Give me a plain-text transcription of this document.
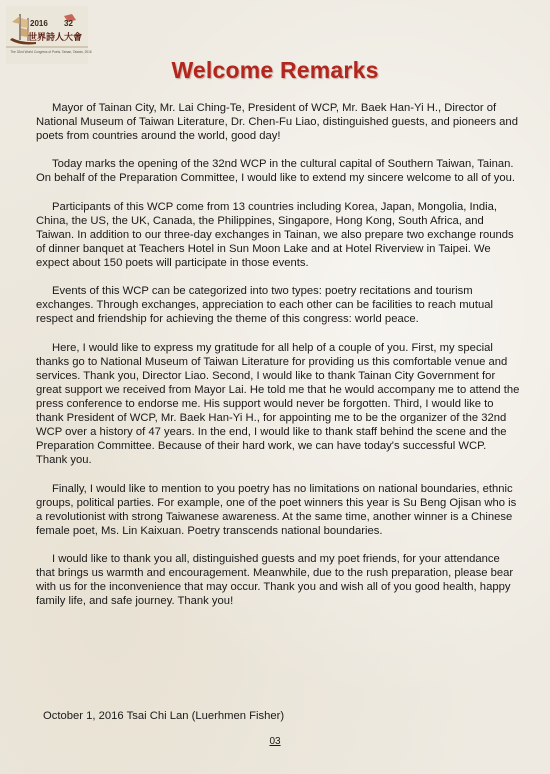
2016 32
世界詩人大會
The 32nd World Congress of Poets, Tainan, Taiwan, 2016
Welcome Remarks

Mayor of Tainan City, Mr. Lai Ching-Te, President of WCP, Mr. Baek Han-Yi H., Director of National Museum of Taiwan Literature, Dr. Chen-Fu Liao, distinguished guests, and pioneers and poets from countries around the world, good day!

Today marks the opening of the 32nd WCP in the cultural capital of Southern Taiwan, Tainan. On behalf of the Preparation Committee, I would like to extend my sincere welcome to all of you.

Participants of this WCP come from 13 countries including Korea, Japan, Mongolia, India, China, the US, the UK, Canada, the Philippines, Singapore, Hong Kong, South Africa, and Taiwan. In addition to our three-day exchanges in Tainan, we also prepare two exchange rounds of dinner banquet at Teachers Hotel in Sun Moon Lake and at Hotel Riverview in Taipei. We expect about 150 poets will participate in those events.

Events of this WCP can be categorized into two types: poetry recitations and tourism exchanges. Through exchanges, appreciation to each other can be facilities to reach mutual respect and friendship for achieving the theme of this congress: world peace.

Here, I would like to express my gratitude for all help of a couple of you. First, my special thanks go to National Museum of Taiwan Literature for providing us this comfortable venue and services. Thank you, Director Liao. Second, I would like to thank Tainan City Government for great support we received from Mayor Lai. He told me that he would accompany me to attend the press conference to endorse me. His support would never be forgotten. Third, I would like to thank President of WCP, Mr. Baek Han-Yi H., for appointing me to be the organizer of the 32nd WCP over a history of 47 years. In the end, I would like to thank staff behind the scene and the Preparation Committee. Because of their hard work, we can have today's successful WCP. Thank you.

Finally, I would like to mention to you poetry has no limitations on national boundaries, ethnic groups, political parties. For example, one of the poet winners this year is Su Beng Ojisan who is a revolutionist with strong Taiwanese awareness. At the same time, another winner is a Chinese female poet, Ms. Lin Kaixuan. Poetry transcends national boundaries.

I would like to thank you all, distinguished guests and my poet friends, for your attendance that brings us warmth and encouragement. Meanwhile, due to the rush preparation, please bear with us for the inconvenience that may occur. Thank you and wish all of you good health, happy family life, and safe journey. Thank you!

October 1, 2016 Tsai Chi Lan (Luerhmen Fisher)
03
